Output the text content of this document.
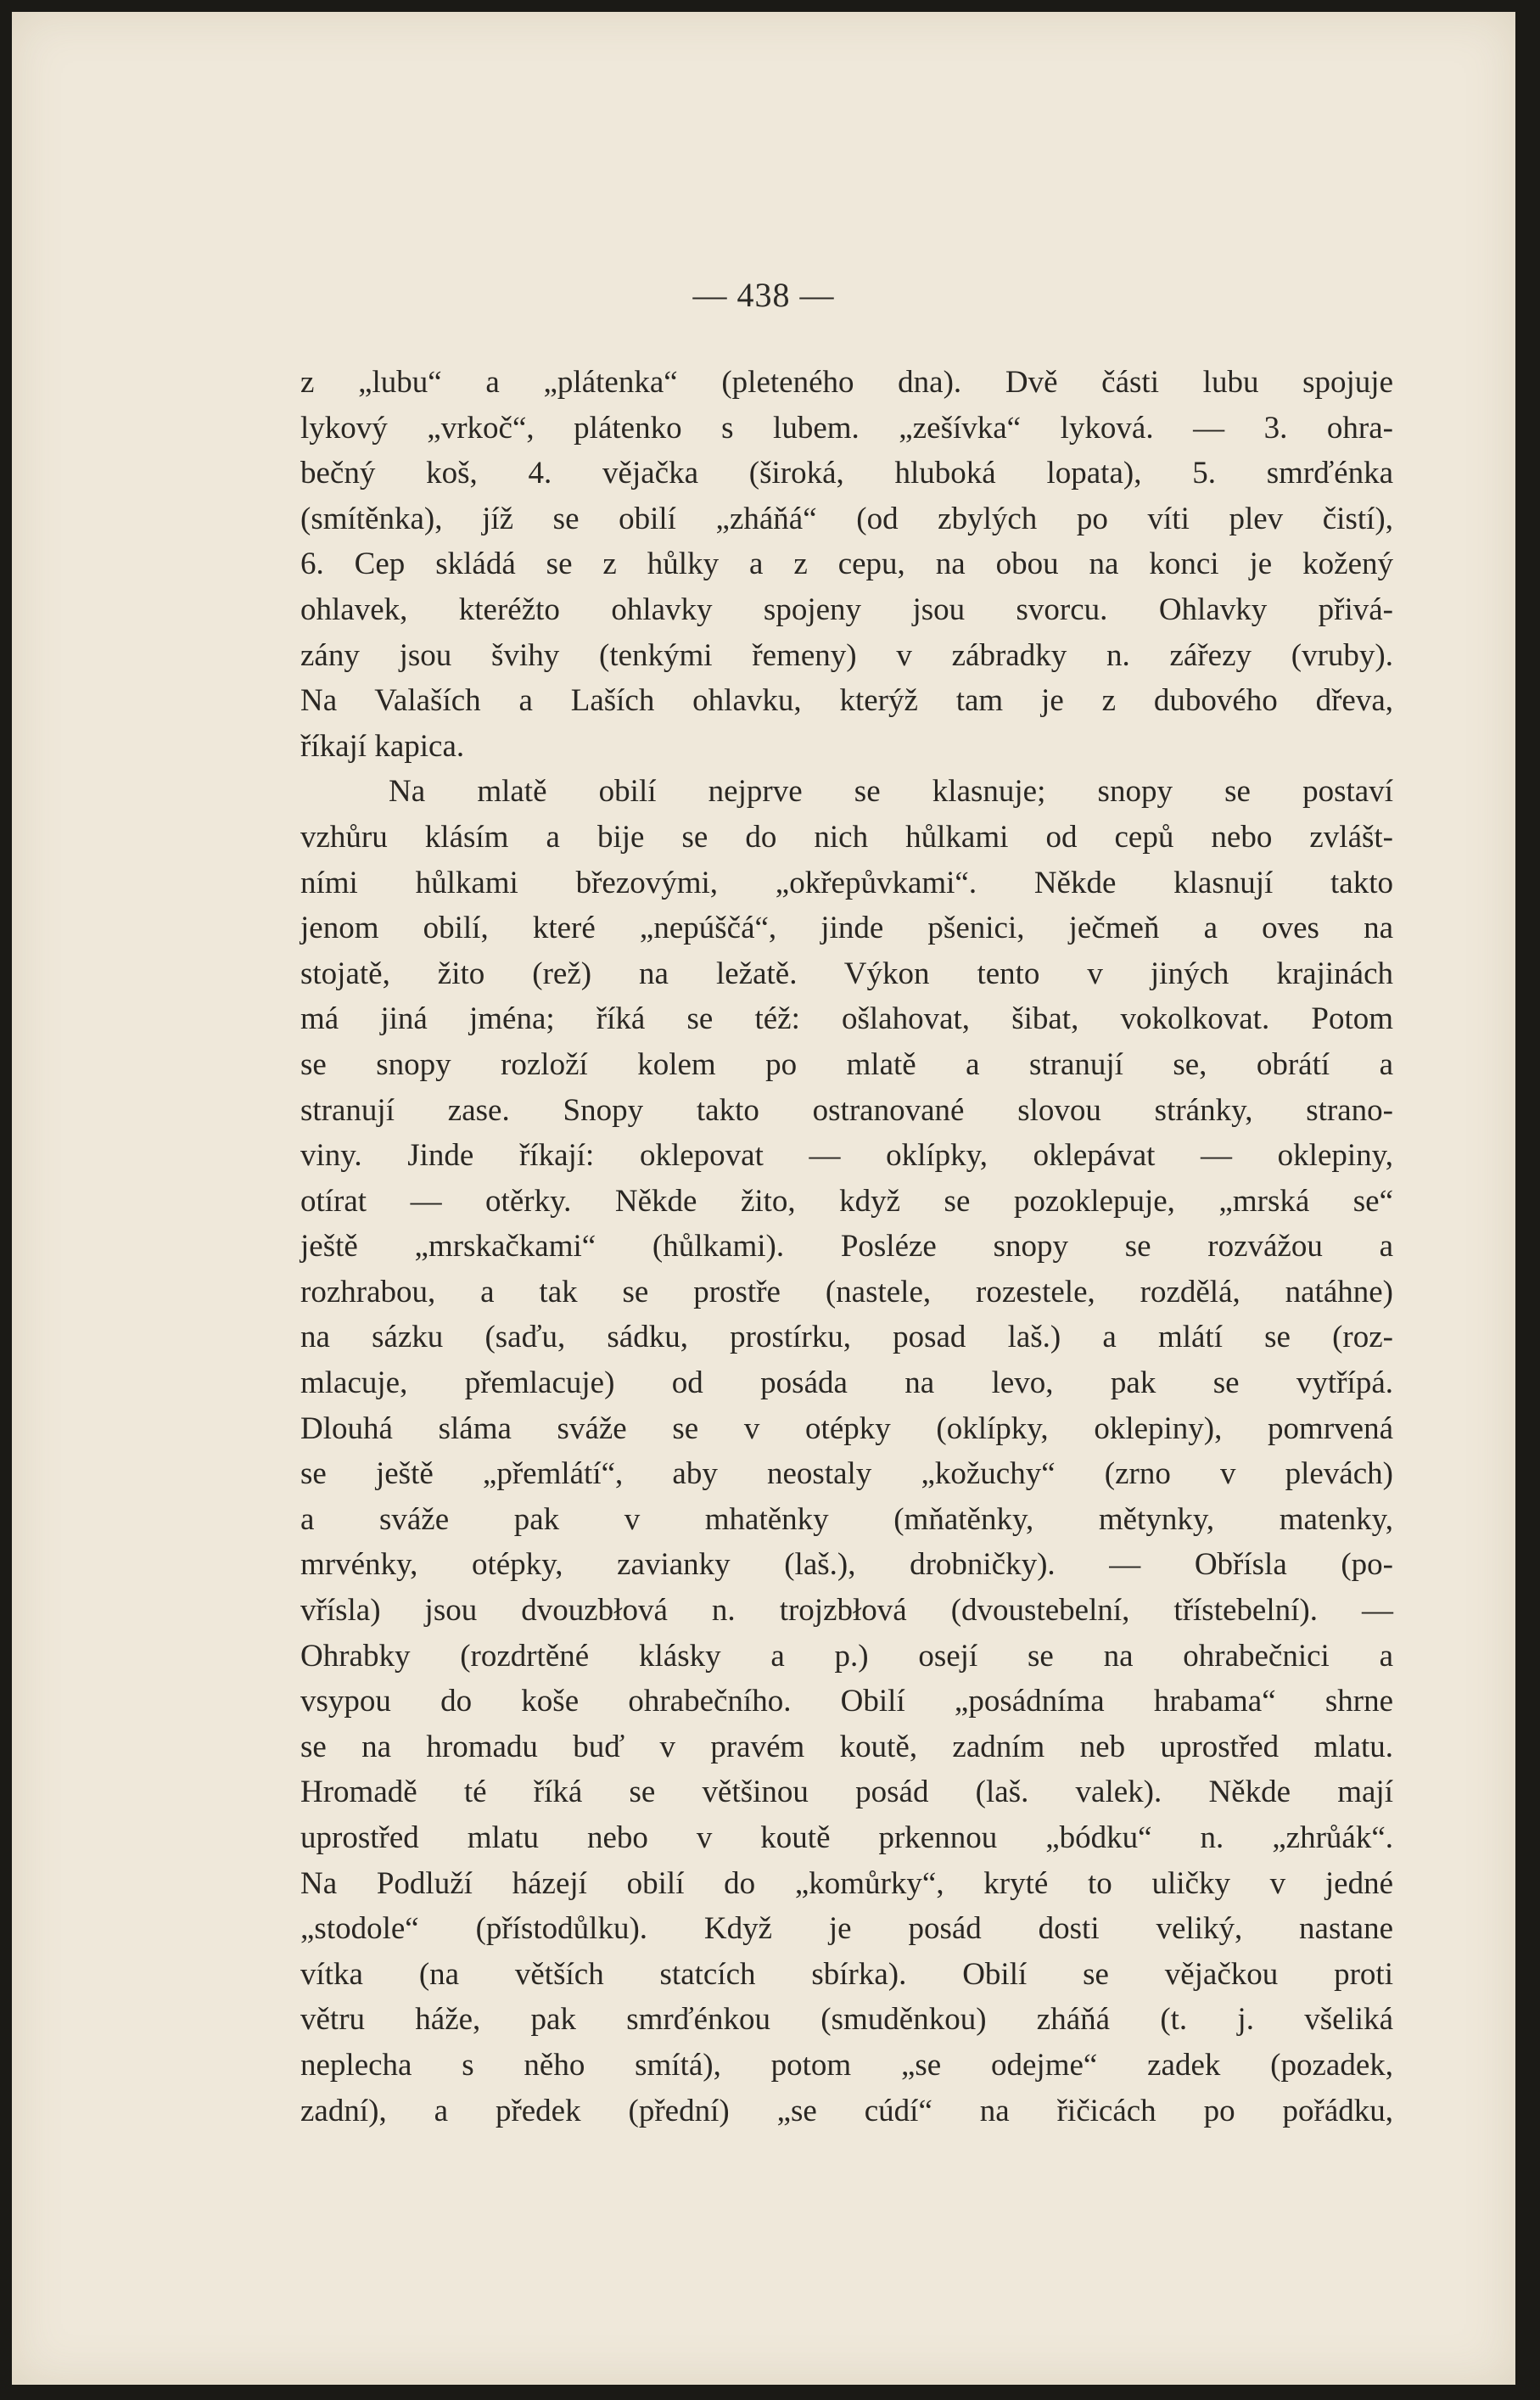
— 438 —
z „lubu“ a „plátenka“ (pleteného dna). Dvě části lubu spojuje
lykový „vrkoč“, plátenko s lubem. „zešívka“ lyková. — 3. ohra-
bečný koš, 4. vějačka (široká, hluboká lopata), 5. smrďénka
(smítěnka), jíž se obilí „zháňá“ (od zbylých po víti plev čistí),
6. Cep skládá se z hůlky a z cepu, na obou na konci je kožený
ohlavek, kteréžto ohlavky spojeny jsou svorcu. Ohlavky přivá-
zány jsou švihy (tenkými řemeny) v zábradky n. zářezy (vruby).
Na Valaších a Laších ohlavku, kterýž tam je z dubového dřeva,
říkají kapica.
Na mlatě obilí nejprve se klasnuje; snopy se postaví
vzhůru klásím a bije se do nich hůlkami od cepů nebo zvlášt-
ními hůlkami březovými, „okřepůvkami“. Někde klasnují takto
jenom obilí, které „nepúščá“, jinde pšenici, ječmeň a oves na
stojatě, žito (rež) na ležatě. Výkon tento v jiných krajinách
má jiná jména; říká se též: ošlahovat, šibat, vokolkovat. Potom
se snopy rozloží kolem po mlatě a stranují se, obrátí a
stranují zase. Snopy takto ostranované slovou stránky, strano-
viny. Jinde říkají: oklepovat — oklípky, oklepávat — oklepiny,
otírat — otěrky. Někde žito, když se pozoklepuje, „mrská se“
ještě „mrskačkami“ (hůlkami). Posléze snopy se rozvážou a
rozhrabou, a tak se prostře (nastele, rozestele, rozdělá, natáhne)
na sázku (saďu, sádku, prostírku, posad laš.) a mlátí se (roz-
mlacuje, přemlacuje) od posáda na levo, pak se vytřípá.
Dlouhá sláma sváže se v otépky (oklípky, oklepiny), pomrvená
se ještě „přemlátí“, aby neostaly „kožuchy“ (zrno v plevách)
a sváže pak v mhatěnky (mňatěnky, mětynky, matenky,
mrvénky, otépky, zavianky (laš.), drobničky). — Obřísla (po-
vřísla) jsou dvouzbłová n. trojzbłová (dvoustebelní, třístebelní). —
Ohrabky (rozdrtěné klásky a p.) osejí se na ohrabečnici a
vsypou do koše ohrabečního. Obilí „posádníma hrabama“ shrne
se na hromadu buď v pravém koutě, zadním neb uprostřed mlatu.
Hromadě té říká se většinou posád (laš. valek). Někde mají
uprostřed mlatu nebo v koutě prkennou „bódku“ n. „zhrůák“.
Na Podluží házejí obilí do „komůrky“, kryté to uličky v jedné
„stodole“ (přístodůlku). Když je posád dosti veliký, nastane
vítka (na větších statcích sbírka). Obilí se vějačkou proti
větru háže, pak smrďénkou (smuděnkou) zháňá (t. j. všeliká
neplecha s něho smítá), potom „se odejme“ zadek (pozadek,
zadní), a předek (přední) „se cúdí“ na řičicách po pořádku,
